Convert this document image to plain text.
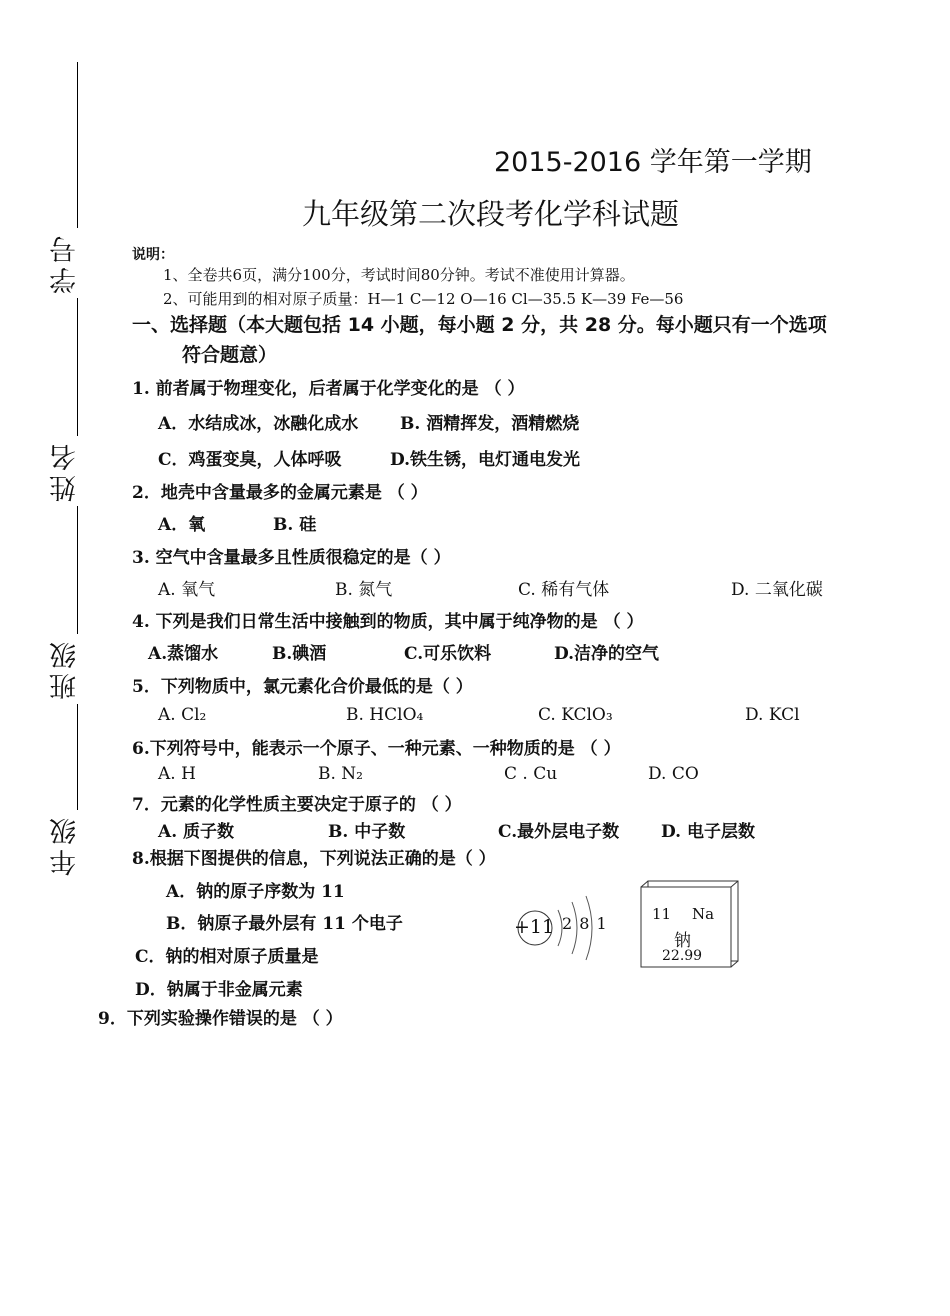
学号
姓名
班级
年级
2015-2016 学年第一学期
九年级第二次段考化学科试题
说明：
1、全卷共6页，满分100分，考试时间80分钟。考试不准使用计算器。
2、可能用到的相对原子质量：H—1 C—12 O—16 Cl—35.5 K—39 Fe—56
一、选择题（本大题包括 14 小题，每小题 2 分，共 28 分。每小题只有一个选项
符合题意）
1. 前者属于物理变化，后者属于化学变化的是 （ ）
A．水结成冰，冰融化成水 B. 酒精挥发，酒精燃烧
C．鸡蛋变臭，人体呼吸	D.铁生锈，电灯通电发光
2．地壳中含量最多的金属元素是 （ ）
A．氧	B. 硅
3. 空气中含量最多且性质很稳定的是（ ）
A. 氧气	B. 氮气	C. 稀有气体	D. 二氧化碳
4. 下列是我们日常生活中接触到的物质，其中属于纯净物的是 （ ）
A.蒸馏水	B.碘酒	C.可乐饮料	D.洁净的空气
5．下列物质中，氯元素化合价最低的是（ ）
A. Cl₂	B. HClO₄	C. KClO₃	D. KCl
6.下列符号中，能表示一个原子、一种元素、一种物质的是 （ ）
A. H	B. N₂	C . Cu	D. CO
7．元素的化学性质主要决定于原子的 （ ）
A. 质子数	B. 中子数	C.最外层电子数 D. 电子层数
8.根据下图提供的信息，下列说法正确的是（ ）
A．钠的原子序数为 11
B．钠原子最外层有 11 个电子
C．钠的相对原子质量是
D．钠属于非金属元素
+11 2 8 1	11 Na
钠
22.99
9．下列实验操作错误的是 （ ）
